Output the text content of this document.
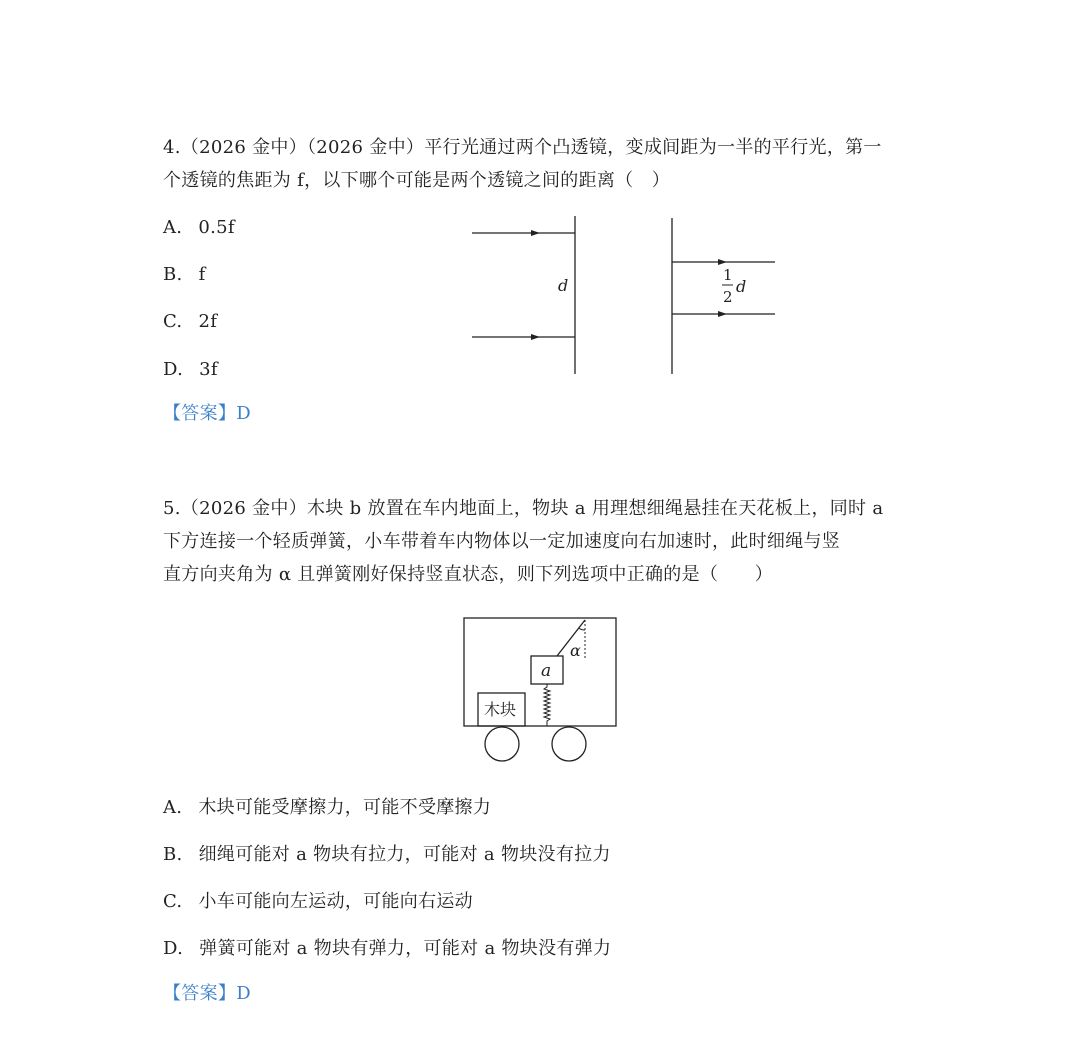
4.（2026 金中）（2026 金中）平行光通过两个凸透镜，变成间距为一半的平行光，第一
个透镜的焦距为 f，以下哪个可能是两个透镜之间的距离（　）
A. 0.5f
B. f
C. 2f
D. 3f
d
1
2
d
【答案】D
5.（2026 金中）木块 b 放置在车内地面上，物块 a 用理想细绳悬挂在天花板上，同时 a
下方连接一个轻质弹簧，小车带着车内物体以一定加速度向右加速时，此时细绳与竖
直方向夹角为 α 且弹簧刚好保持竖直状态，则下列选项中正确的是（　　）
a
木块
α
A. 木块可能受摩擦力，可能不受摩擦力
B. 细绳可能对 a 物块有拉力，可能对 a 物块没有拉力
C. 小车可能向左运动，可能向右运动
D. 弹簧可能对 a 物块有弹力，可能对 a 物块没有弹力
【答案】D
